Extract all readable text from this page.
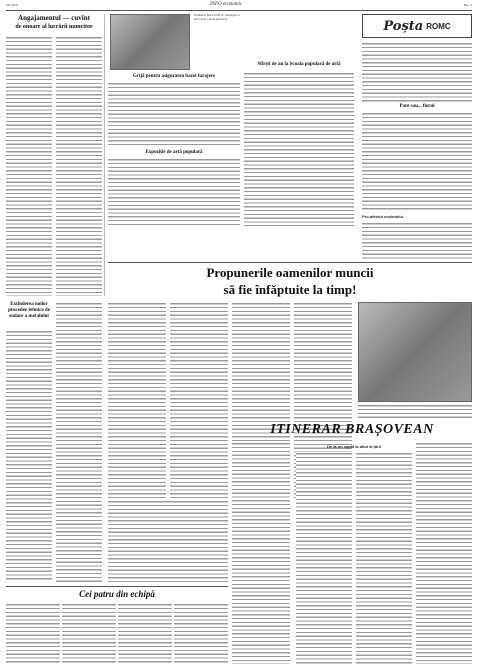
5/6 2024	INFO economic	Pag. 3
Angajamentul — cuvînt
de onoare al lucrării muncitor
Extinderea noilor procedee tehnice de sudare a metalului
Produsele fabricii din Sf. Gheorghe se bucură de o bună apreciere.
Grijă pentru asigurarea bazei furajere
Expoziție de artă populară
Sfîrșit de an la Școala populară de artă
Poșta ROMC
Pare sau... fierul
Pro-afectul cuvîntului
Propunerile oamenilor muncii
să fie înfăptuite la timp!
ITINERAR BRAȘOVEAN
De la un capăt la altul al țării
Cei patru din echipă
